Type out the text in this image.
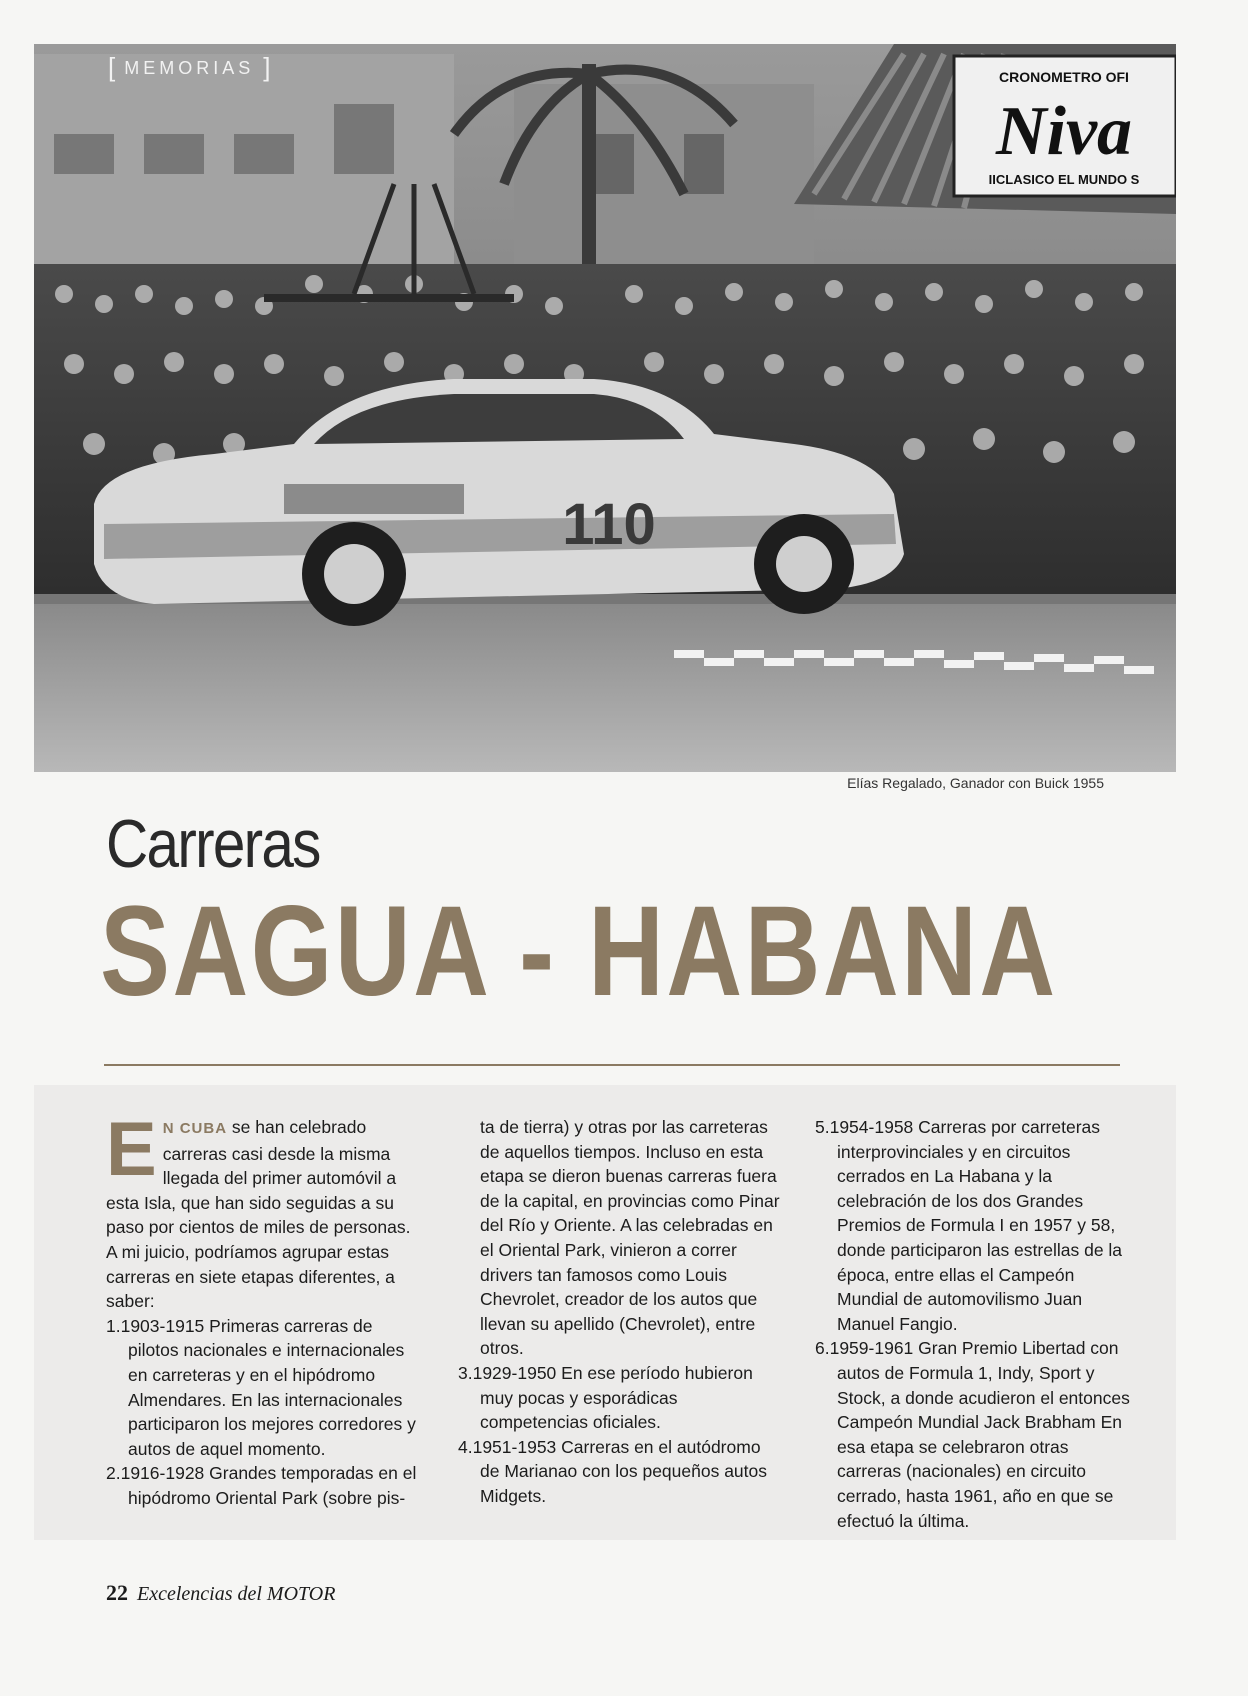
CRONOMETRO OFI
Niva
IICLASICO EL MUNDO S
110
[ MEMORIAS ]
Elías Regalado, Ganador con Buick 1955
Carreras
SAGUA - HABANA

E N CUBA se han celebrado carreras casi desde la misma llegada del primer automóvil a esta Isla, que han sido seguidas a su paso por cientos de miles de personas. A mi juicio, podríamos agrupar estas carreras en siete etapas diferentes, a saber:

1.1903-1915 Primeras carreras de pilotos nacionales e internacionales en carreteras y en el hipódromo Almendares. En las internacionales participaron los mejores corredores y autos de aquel momento.

2.1916-1928 Grandes temporadas en el hipódromo Oriental Park (sobre pis-

ta de tierra) y otras por las carreteras de aquellos tiempos. Incluso en esta etapa se dieron buenas carreras fuera de la capital, en provincias como Pinar del Río y Oriente. A las celebradas en el Oriental Park, vinieron a correr drivers tan famosos como Louis Chevrolet, creador de los autos que llevan su apellido (Chevrolet), entre otros.

3.1929-1950 En ese período hubieron muy pocas y esporádicas competencias oficiales.

4.1951-1953 Carreras en el autódromo de Marianao con los pequeños autos Midgets.

5.1954-1958 Carreras por carreteras interprovinciales y en circuitos cerrados en La Habana y la celebración de los dos Grandes Premios de Formula I en 1957 y 58, donde participaron las estrellas de la época, entre ellas el Campeón Mundial de automovilismo Juan Manuel Fangio.

6.1959-1961 Gran Premio Libertad con autos de Formula 1, Indy, Sport y Stock, a donde acudieron el entonces Campeón Mundial Jack Brabham En esa etapa se celebraron otras carreras (nacionales) en circuito cerrado, hasta 1961, año en que se efectuó la última.

22 Excelencias del MOTOR
